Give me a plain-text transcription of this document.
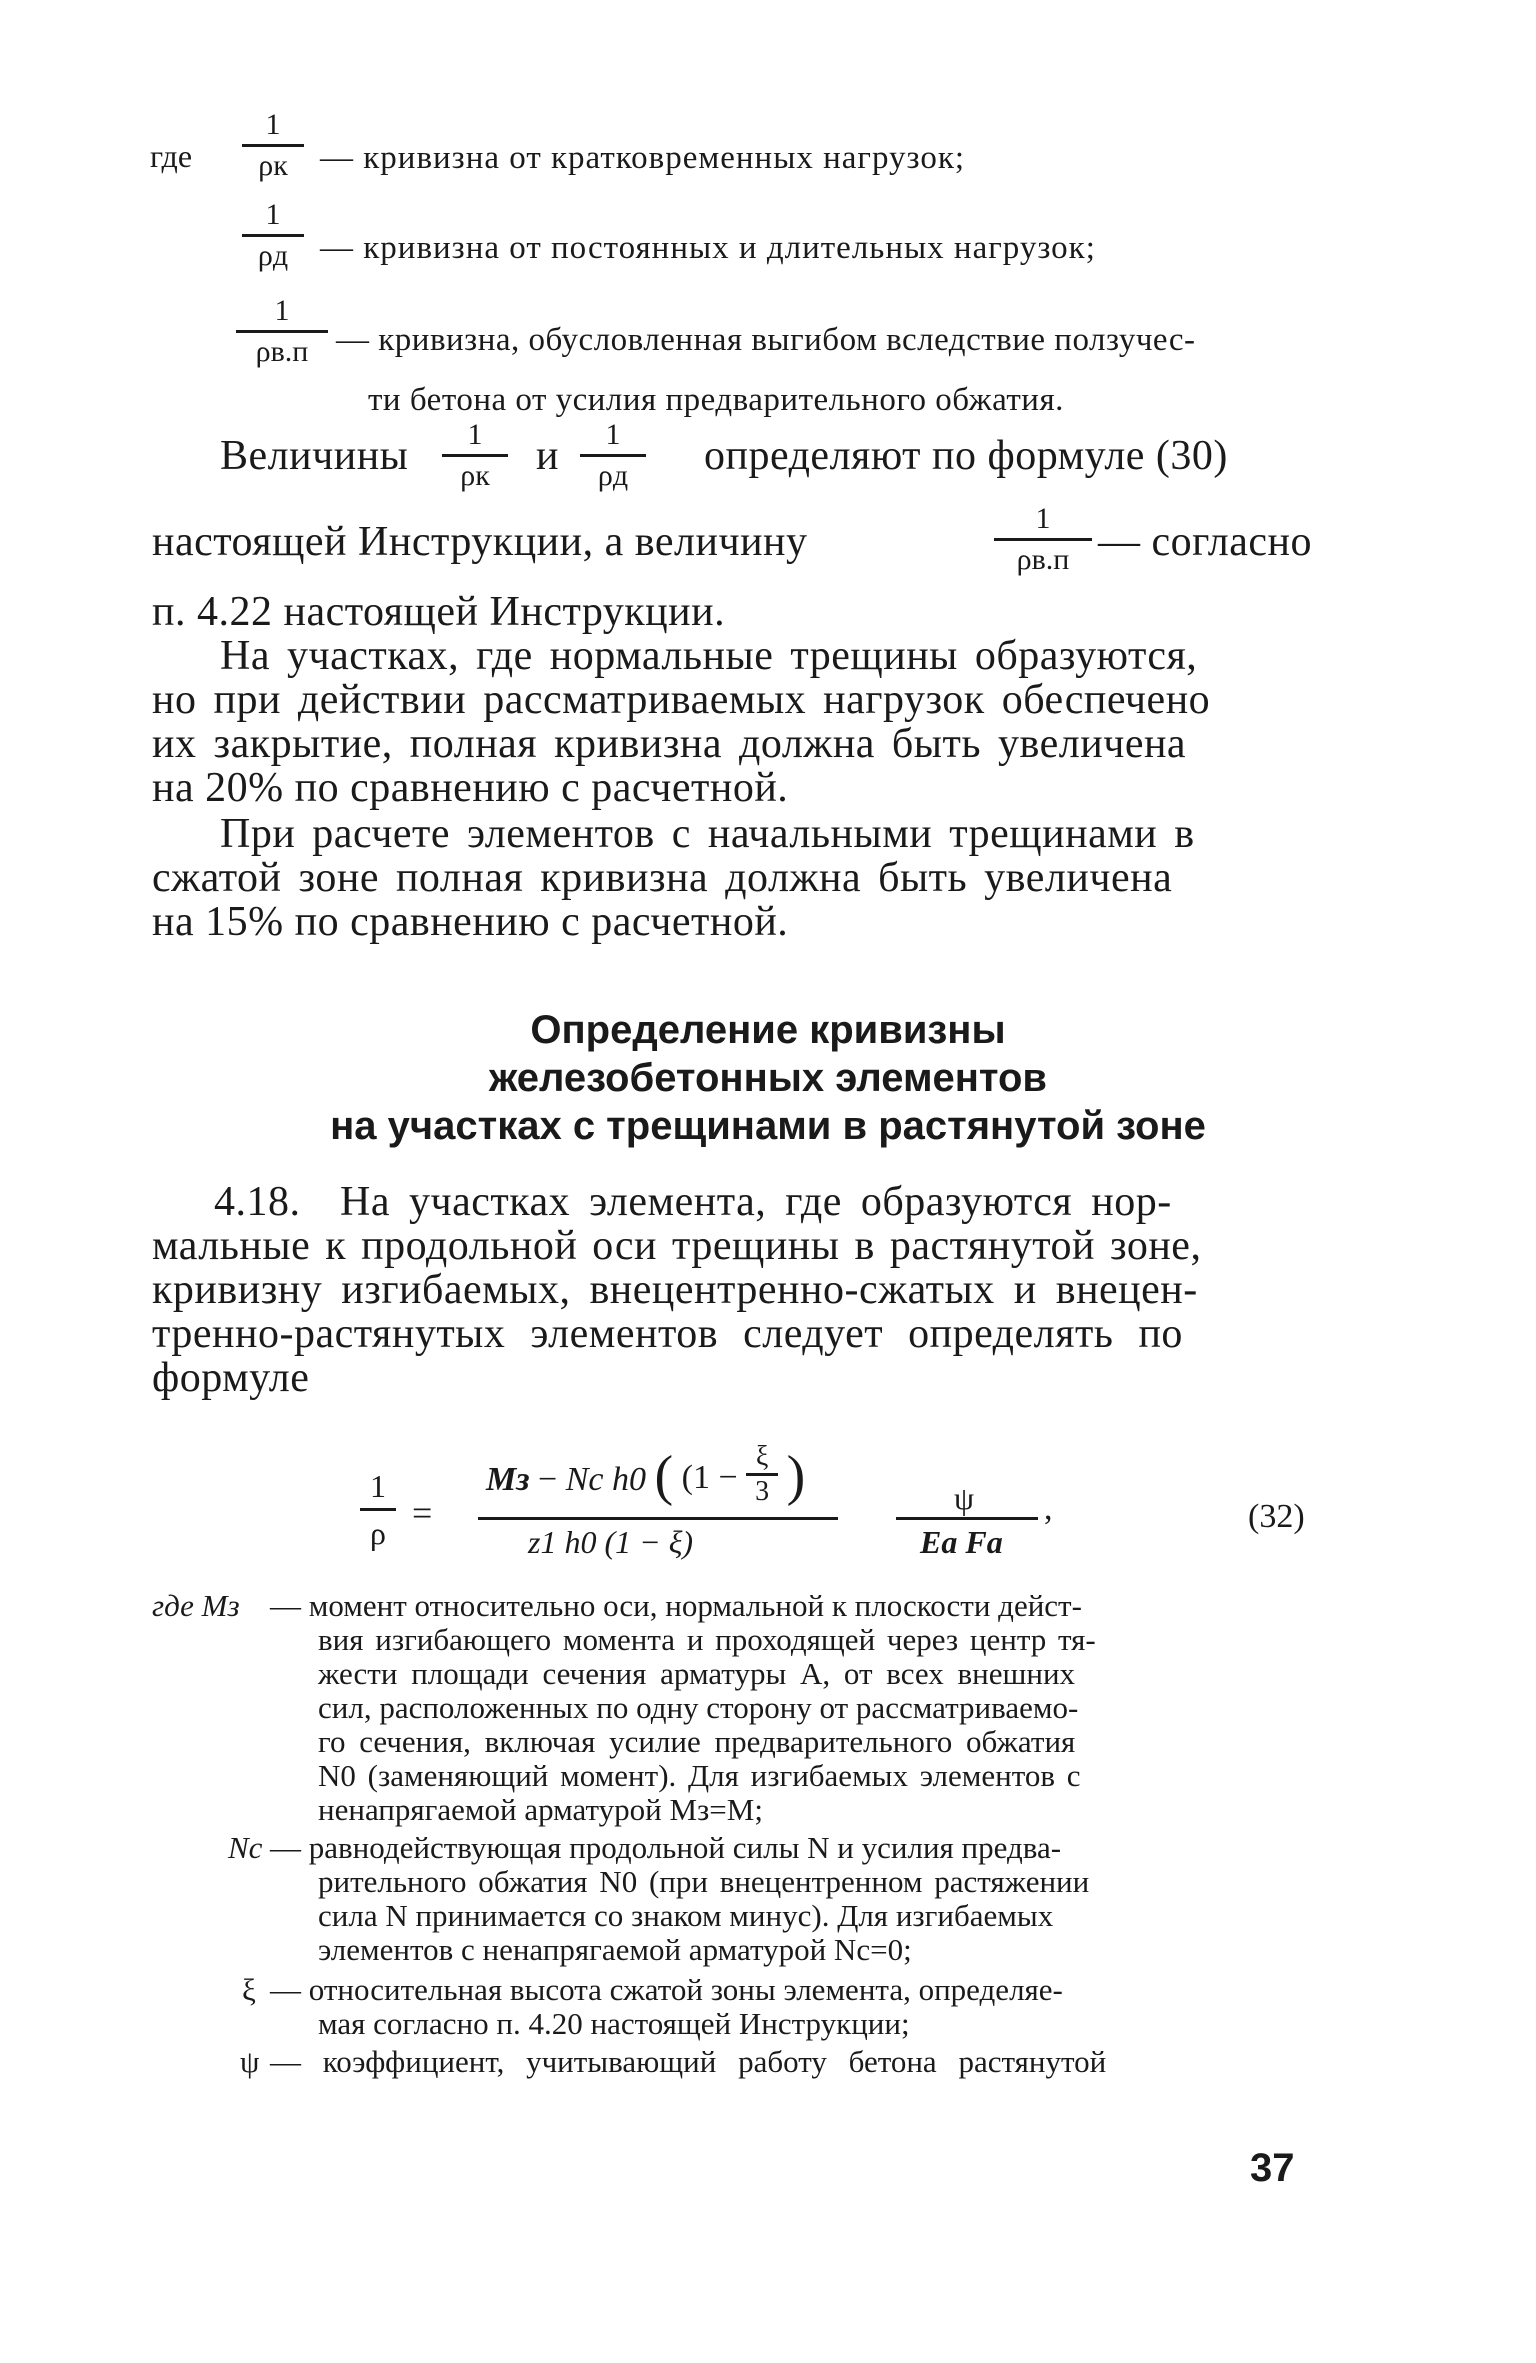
где
1
ρк — кривизна от кратковременных нагрузок;
1
ρд — кривизна от постоянных и длительных нагрузок;
1
ρв.п — кривизна, обусловленная выгибом вследствие ползучес-
ти бетона от усилия предварительного обжатия.
Величины	1
ρк	и	1
ρд	определяют по формуле (30)
настоящей Инструкции, а величину
1
ρв.п — согласно
п. 4.22 настоящей Инструкции.
На участках, где нормальные трещины образуются,
но при действии рассматриваемых нагрузок обеспечено
их закрытие, полная кривизна должна быть увеличена
на 20% по сравнению с расчетной.
При расчете элементов с начальными трещинами в
сжатой зоне полная кривизна должна быть увеличена
на 15% по сравнению с расчетной.
Определение кривизны
железобетонных элементов
на участках с трещинами в растянутой зоне
4.18. На участках элемента, где образуются нор-
мальные к продольной оси трещины в растянутой зоне,
кривизну изгибаемых, внецентренно-сжатых и внецен-
тренно-растянутых элементов следует определять по
формуле
1
ρ =
Mз − Nc h0 ( ($1 - \frac{\xi}{3}$ )
z1 h0 (1 − ξ)
ψ
Eа Fа
,	(32)
где Mз — момент относительно оси, нормальной к плоскости дейст-
вия изгибающего момента и проходящей через центр тя-
жести площади сечения арматуры A, от всех внешних
сил, расположенных по одну сторону от рассматриваемо-
го сечения, включая усилие предварительного обжатия
N0 (заменяющий момент). Для изгибаемых элементов с
ненапрягаемой арматурой Mз=M;
Nc — равнодействующая продольной силы N и усилия предва-
рительного обжатия N0 (при внецентренном растяжении
сила N принимается со знаком минус). Для изгибаемых
элементов с ненапрягаемой арматурой Nc=0;
ξ — относительная высота сжатой зоны элемента, определяе-
мая согласно п. 4.20 настоящей Инструкции;
ψ — коэффициент, учитывающий работу бетона растянутой
37
